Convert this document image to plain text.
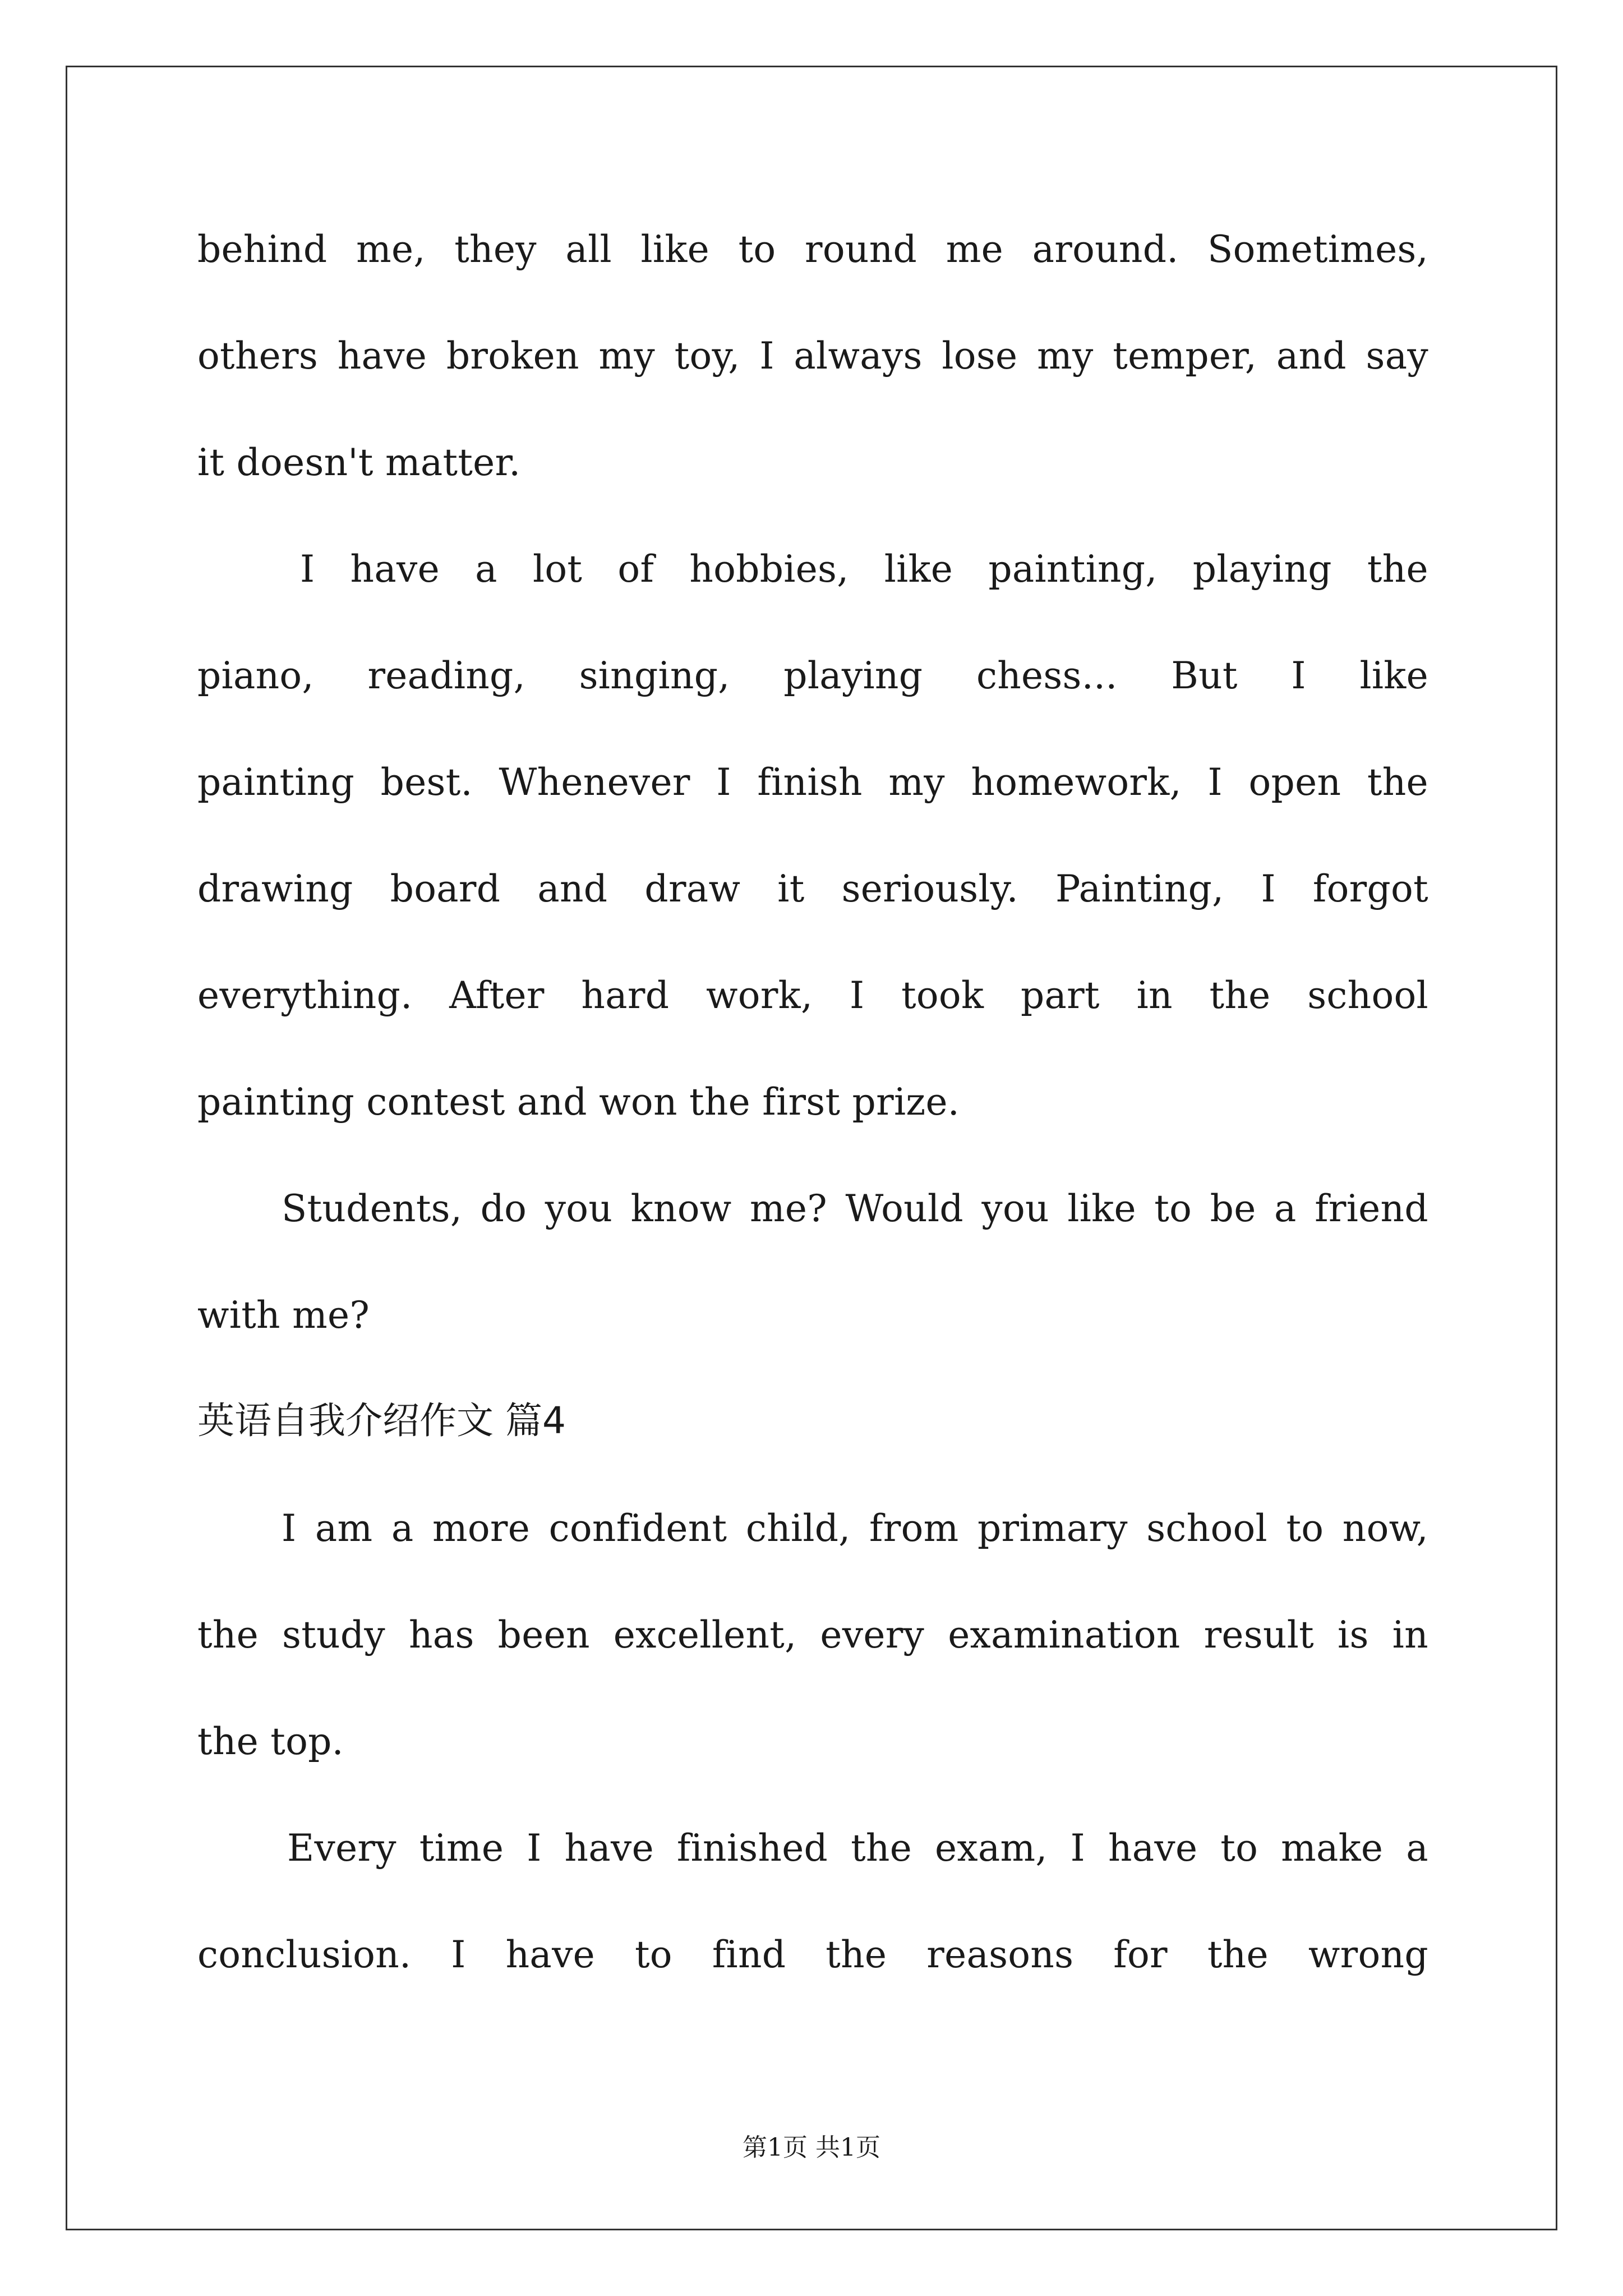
behind me, they all like to round me around. Sometimes,
others have broken my toy, I always lose my temper, and say
it doesn't matter.
I have a lot of hobbies, like painting, playing the
piano, reading, singing, playing chess... But I like
painting best. Whenever I finish my homework, I open the
drawing board and draw it seriously. Painting, I forgot
everything. After hard work, I took part in the school
painting contest and won the first prize.
Students, do you know me? Would you like to be a friend
with me?
英语自我介绍作文 篇4
I am a more confident child, from primary school to now,
the study has been excellent, every examination result is in
the top.
Every time I have finished the exam, I have to make a
conclusion. I have to find the reasons for the wrong
第1页 共1页
